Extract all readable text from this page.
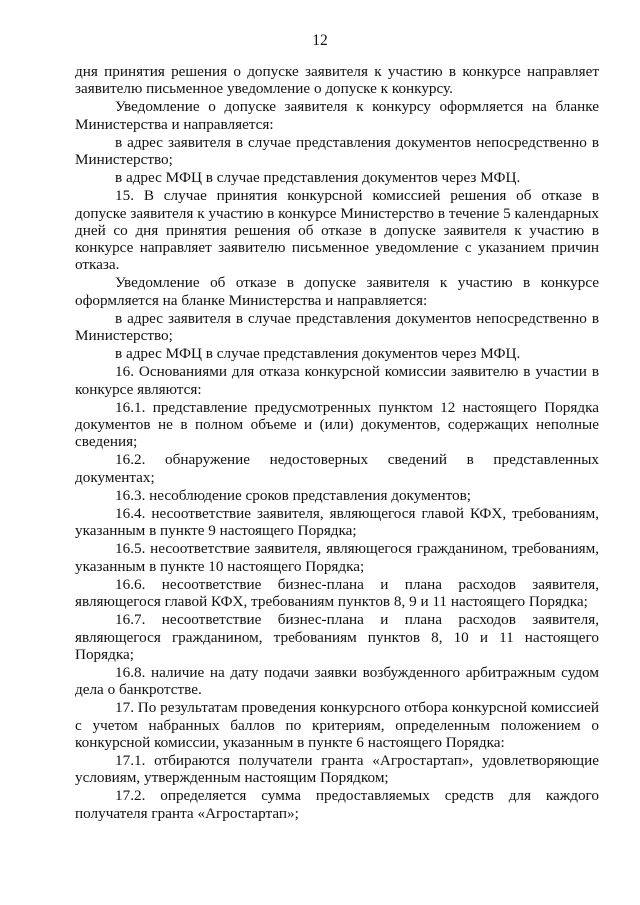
12

дня принятия решения о допуске заявителя к участию в конкурсе направляет заявителю письменное уведомление о допуске к конкурсу.

Уведомление о допуске заявителя к конкурсу оформляется на бланке Министерства и направляется:

в адрес заявителя в случае представления документов непосредственно в Министерство;

в адрес МФЦ в случае представления документов через МФЦ.

15. В случае принятия конкурсной комиссией решения об отказе в допуске заявителя к участию в конкурсе Министерство в течение 5 календарных дней со дня принятия решения об отказе в допуске заявителя к участию в конкурсе направляет заявителю письменное уведомление с указанием причин отказа.

Уведомление об отказе в допуске заявителя к участию в конкурсе оформляется на бланке Министерства и направляется:

в адрес заявителя в случае представления документов непосредственно в Министерство;

в адрес МФЦ в случае представления документов через МФЦ.

16. Основаниями для отказа конкурсной комиссии заявителю в участии в конкурсе являются:

16.1. представление предусмотренных пунктом 12 настоящего Порядка документов не в полном объеме и (или) документов, содержащих неполные сведения;

16.2. обнаружение недостоверных сведений в представленных документах;

16.3. несоблюдение сроков представления документов;

16.4. несоответствие заявителя, являющегося главой КФХ, требованиям, указанным в пункте 9 настоящего Порядка;

16.5. несоответствие заявителя, являющегося гражданином, требованиям, указанным в пункте 10 настоящего Порядка;

16.6. несоответствие бизнес-плана и плана расходов заявителя, являющегося главой КФХ, требованиям пунктов 8, 9 и 11 настоящего Порядка;

16.7. несоответствие бизнес-плана и плана расходов заявителя, являющегося гражданином, требованиям пунктов 8, 10 и 11 настоящего Порядка;

16.8. наличие на дату подачи заявки возбужденного арбитражным судом дела о банкротстве.

17. По результатам проведения конкурсного отбора конкурсной комиссией с учетом набранных баллов по критериям, определенным положением о конкурсной комиссии, указанным в пункте 6 настоящего Порядка:

17.1. отбираются получатели гранта «Агростартап», удовлетворяющие условиям, утвержденным настоящим Порядком;

17.2. определяется сумма предоставляемых средств для каждого получателя гранта «Агростартап»;
